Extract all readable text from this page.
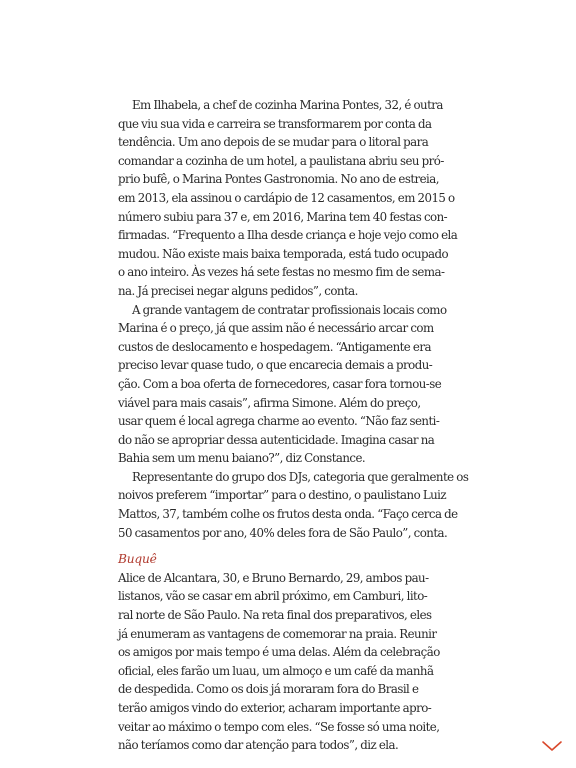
Em Ilhabela, a chef de cozinha Marina Pontes, 32, é outra
que viu sua vida e carreira se transformarem por conta da
tendência. Um ano depois de se mudar para o litoral para
comandar a cozinha de um hotel, a paulistana abriu seu pró-
prio bufê, o Marina Pontes Gastronomia. No ano de estreia,
em 2013, ela assinou o cardápio de 12 casamentos, em 2015 o
número subiu para 37 e, em 2016, Marina tem 40 festas con-
firmadas. “Frequento a Ilha desde criança e hoje vejo como ela
mudou. Não existe mais baixa temporada, está tudo ocupado
o ano inteiro. Às vezes há sete festas no mesmo fim de sema-
na. Já precisei negar alguns pedidos”, conta.
A grande vantagem de contratar profissionais locais como
Marina é o preço, já que assim não é necessário arcar com
custos de deslocamento e hospedagem. “Antigamente era
preciso levar quase tudo, o que encarecia demais a produ-
ção. Com a boa oferta de fornecedores, casar fora tornou-se
viável para mais casais”, afirma Simone. Além do preço,
usar quem é local agrega charme ao evento. “Não faz senti-
do não se apropriar dessa autenticidade. Imagina casar na
Bahia sem um menu baiano?”, diz Constance.
Representante do grupo dos DJs, categoria que geralmente os
noivos preferem “importar” para o destino, o paulistano Luiz
Mattos, 37, também colhe os frutos desta onda. “Faço cerca de
50 casamentos por ano, 40% deles fora de São Paulo”, conta.
Buquê
Alice de Alcantara, 30, e Bruno Bernardo, 29, ambos pau-
listanos, vão se casar em abril próximo, em Camburi, lito-
ral norte de São Paulo. Na reta final dos preparativos, eles
já enumeram as vantagens de comemorar na praia. Reunir
os amigos por mais tempo é uma delas. Além da celebração
oficial, eles farão um luau, um almoço e um café da manhã
de despedida. Como os dois já moraram fora do Brasil e
terão amigos vindo do exterior, acharam importante apro-
veitar ao máximo o tempo com eles. “Se fosse só uma noite,
não teríamos como dar atenção para todos”, diz ela.
